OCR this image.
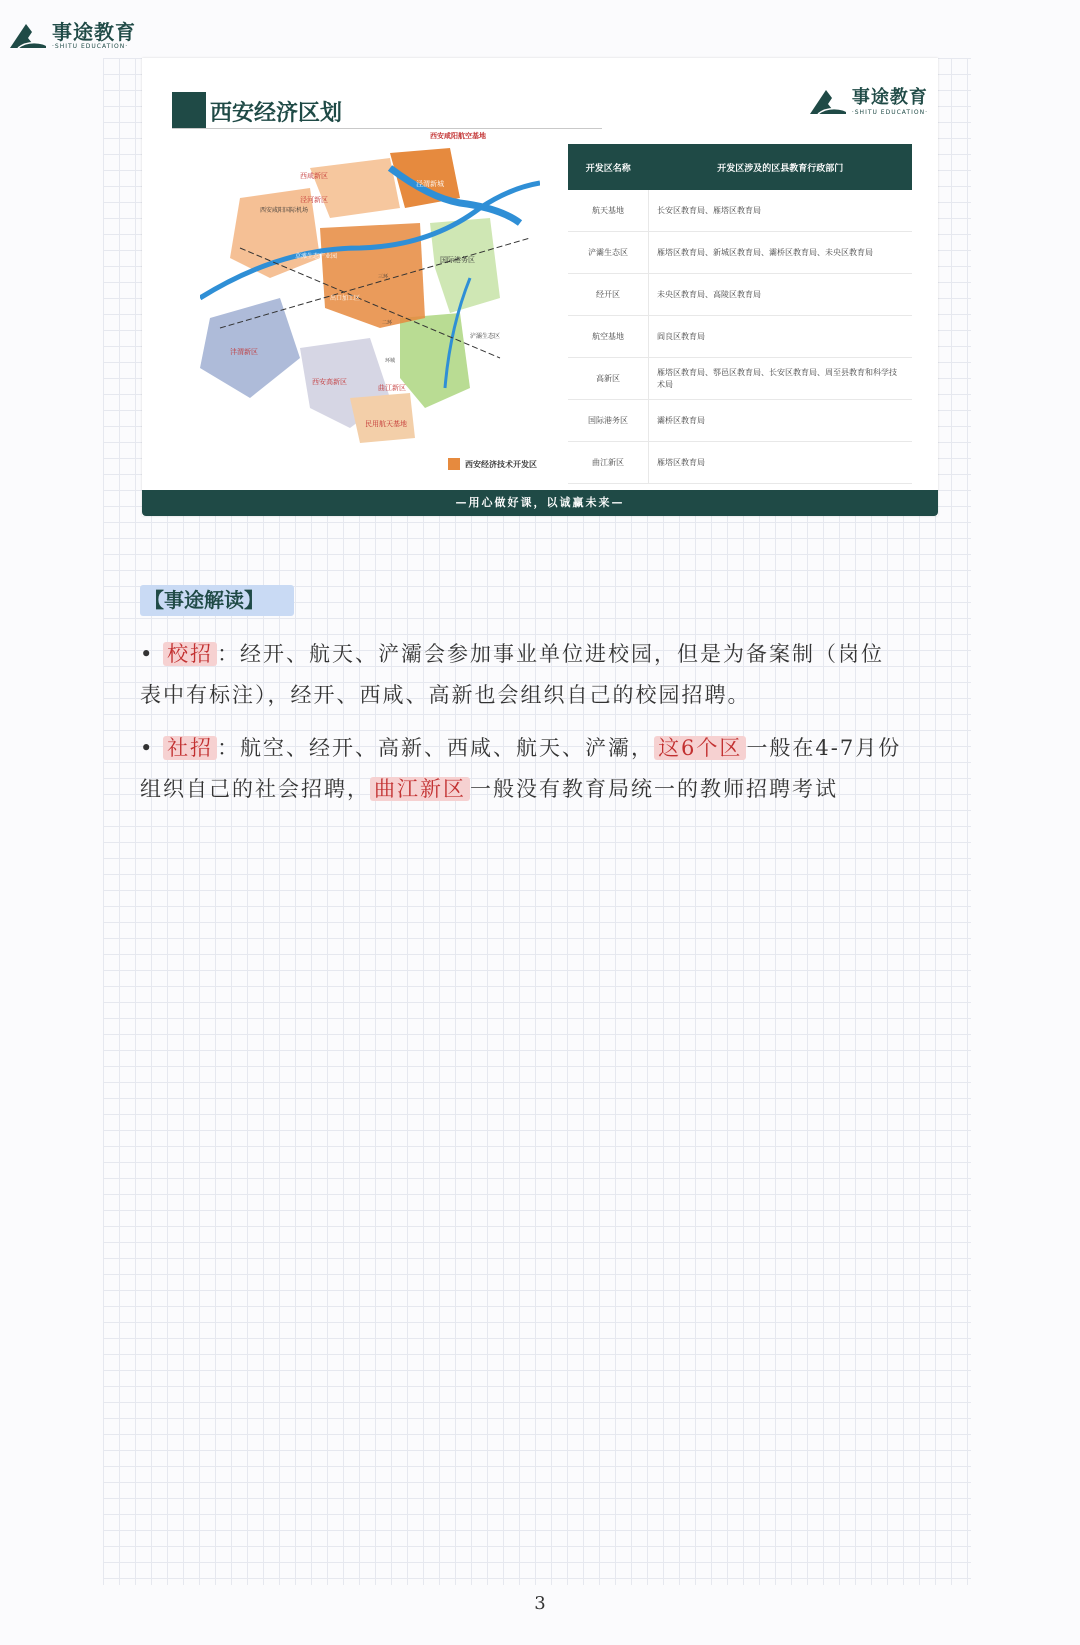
事途教育
·SHITU EDUCATION·
西安经济区划
事途教育
·SHITU EDUCATION·
西安咸阳航空基地
泾渭新城
泾河新区
西安咸阳国际机场
草滩生态产业园	国际港务区
浐灞生态区
出口加工区
中心区
三环
二环
环城
沣渭新区
西安高新区
曲江新区
民用航天基地
西咸新区
西安经济技术开发区
开发区名称	开发区涉及的区县教育行政部门
航天基地	长安区教育局、雁塔区教育局
浐灞生态区	雁塔区教育局、新城区教育局、灞桥区教育局、未央区教育局
经开区	未央区教育局、高陵区教育局
航空基地	阎良区教育局
高新区	雁塔区教育局、鄠邑区教育局、长安区教育局、周至县教育和科学技术局
国际港务区	灞桥区教育局
曲江新区	雁塔区教育局
—用心做好课，以诚赢未来—
【事途解读】
• 校招 ：经开、航天、浐灞会参加事业单位进校园，但是为备案制（岗位
表中有标注），经开、西咸、高新也会组织自己的校园招聘。
• 社招 ：航空、经开、高新、西咸、航天、浐灞， 这6个区 一般在4-7月份
组织自己的社会招聘， 曲江新区 一般没有教育局统一的教师招聘考试
3
